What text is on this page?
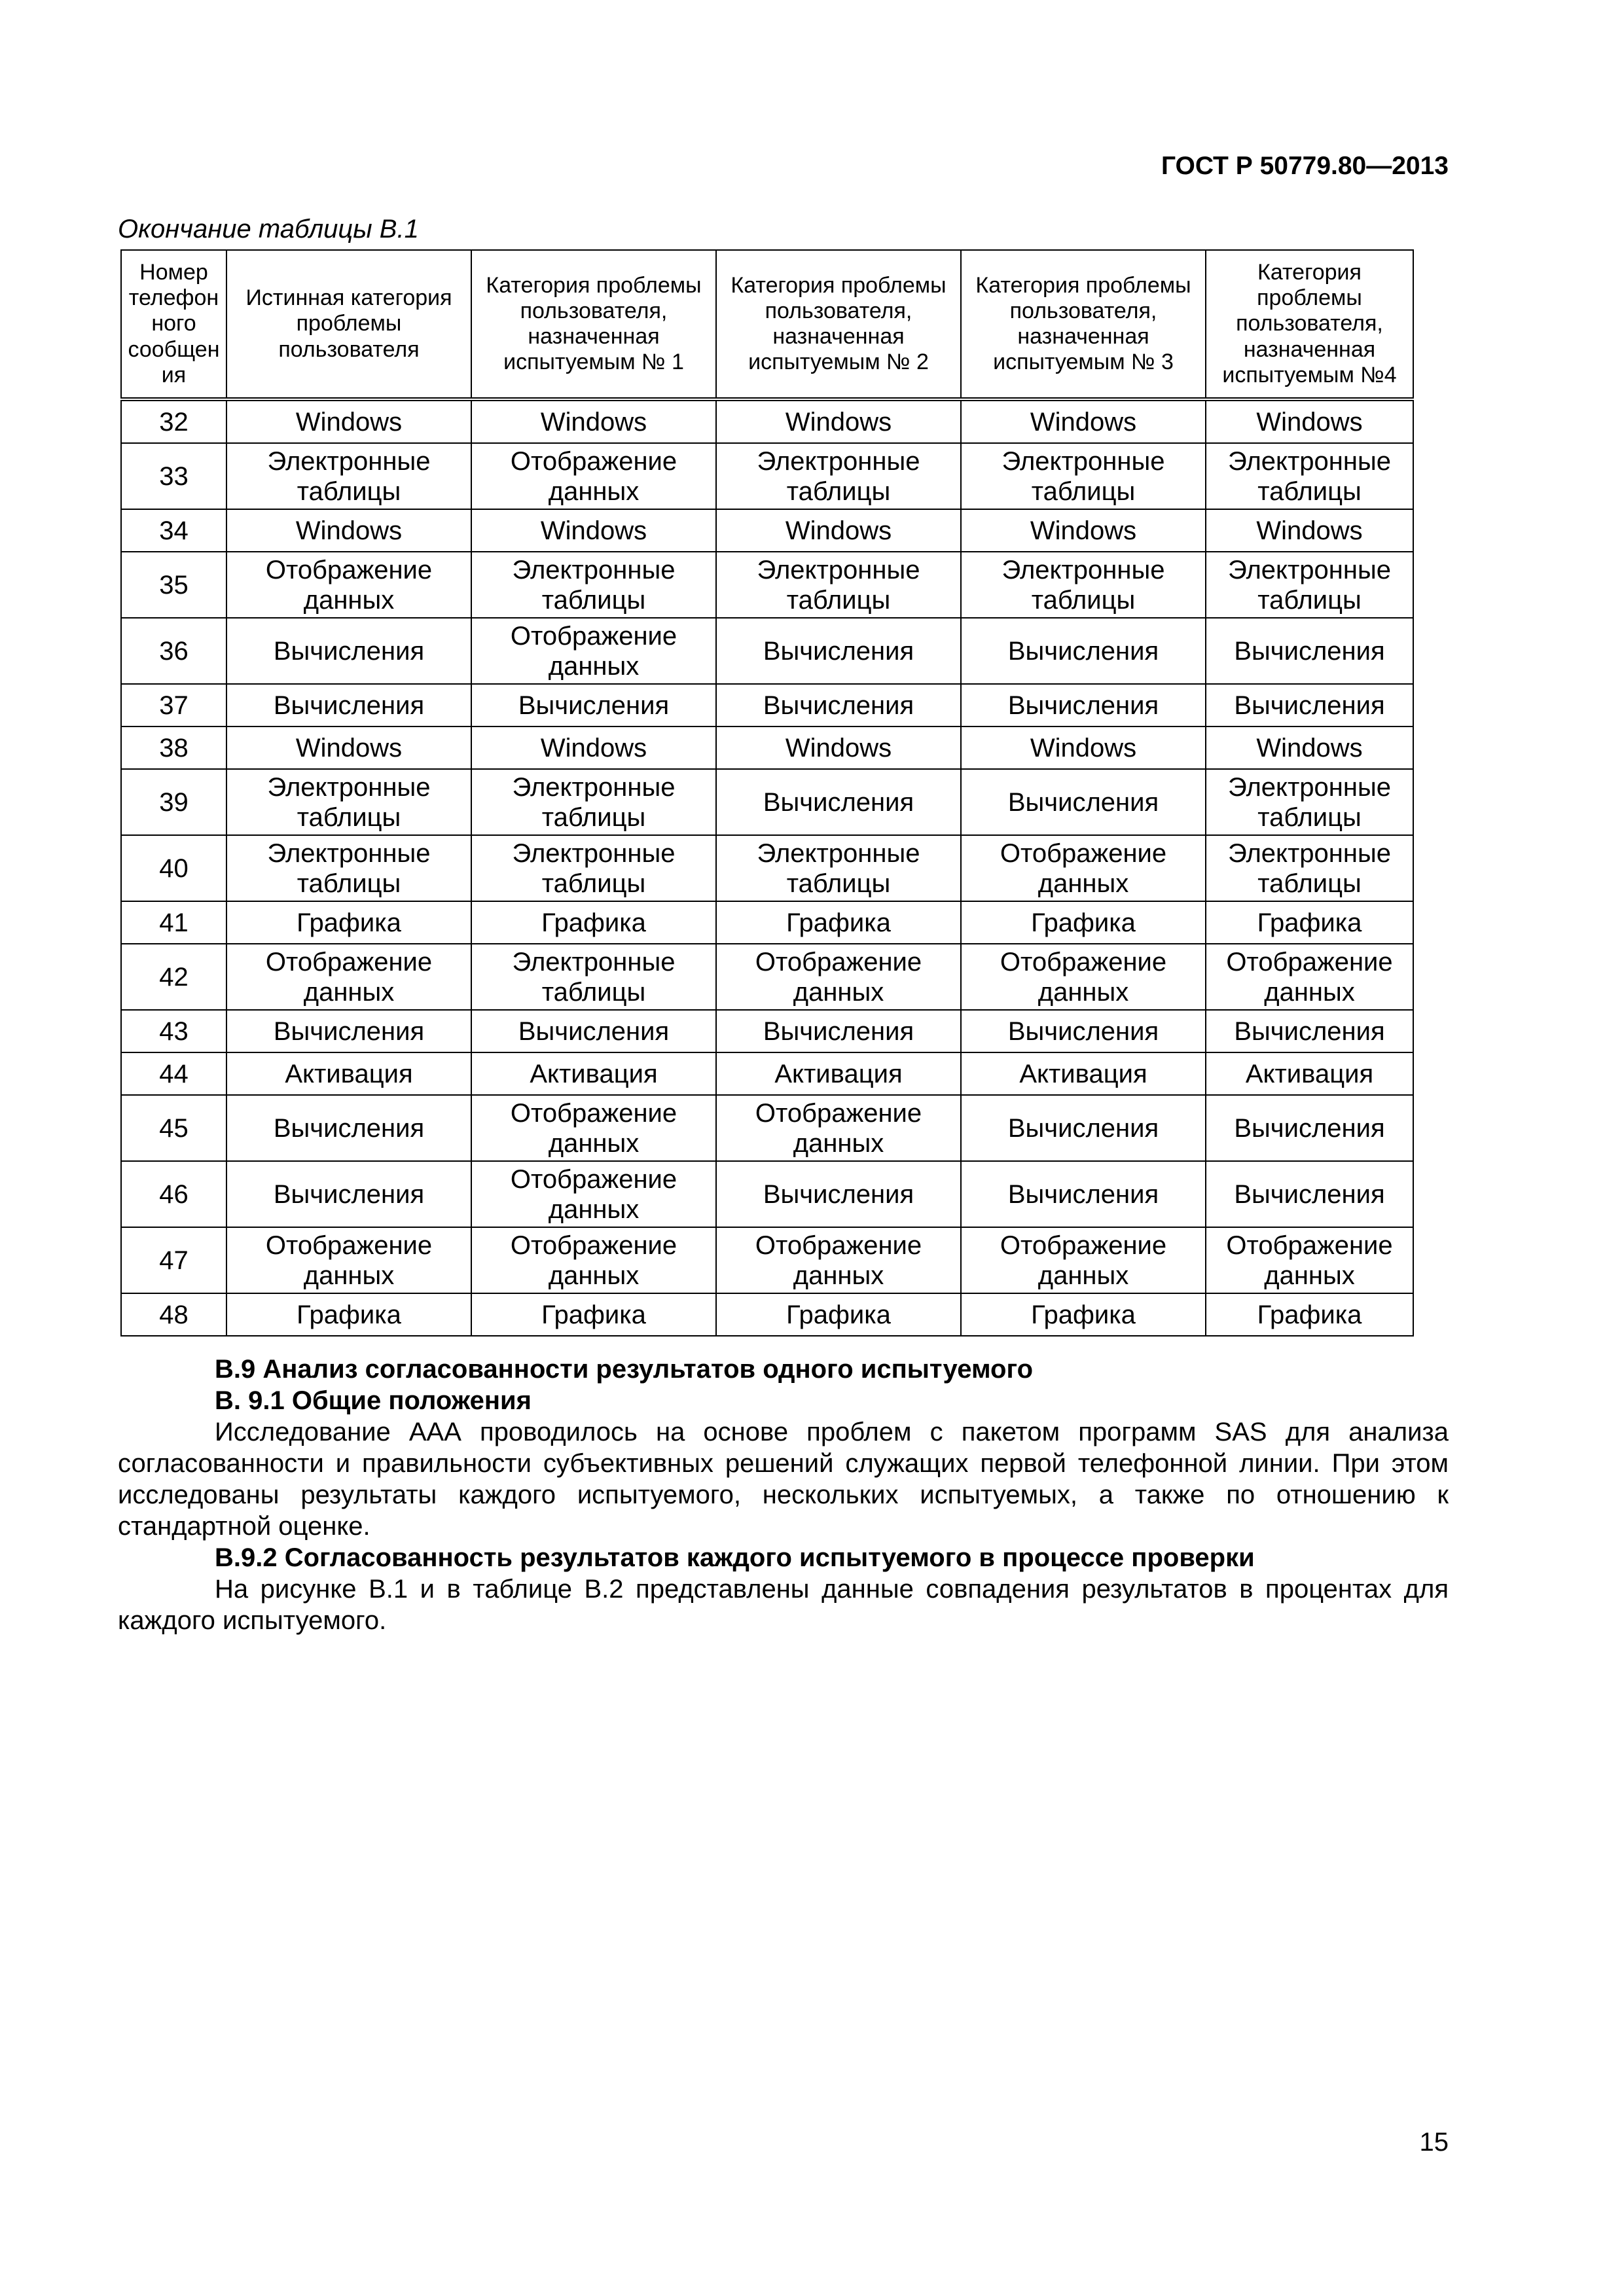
ГОСТ Р 50779.80—2013
Окончание таблицы В.1
Номер телефон ного сообщен ия	Истинная категория проблемы пользователя	Категория проблемы пользователя, назначенная испытуемым № 1	Категория проблемы пользователя, назначенная испытуемым № 2	Категория проблемы пользователя, назначенная испытуемым № 3	Категория проблемы пользователя, назначенная испытуемым №4
32	Windows	Windows	Windows	Windows	Windows
33	Электронные таблицы	Отображение данных	Электронные таблицы	Электронные таблицы	Электронные таблицы
34	Windows	Windows	Windows	Windows	Windows
35	Отображение данных	Электронные таблицы	Электронные таблицы	Электронные таблицы	Электронные таблицы
36	Вычисления	Отображение данных	Вычисления	Вычисления	Вычисления
37	Вычисления	Вычисления	Вычисления	Вычисления	Вычисления
38	Windows	Windows	Windows	Windows	Windows
39	Электронные таблицы	Электронные таблицы	Вычисления	Вычисления	Электронные таблицы
40	Электронные таблицы	Электронные таблицы	Электронные таблицы	Отображение данных	Электронные таблицы
41	Графика	Графика	Графика	Графика	Графика
42	Отображение данных	Электронные таблицы	Отображение данных	Отображение данных	Отображение данных
43	Вычисления	Вычисления	Вычисления	Вычисления	Вычисления
44	Активация	Активация	Активация	Активация	Активация
45	Вычисления	Отображение данных	Отображение данных	Вычисления	Вычисления
46	Вычисления	Отображение данных	Вычисления	Вычисления	Вычисления
47	Отображение данных	Отображение данных	Отображение данных	Отображение данных	Отображение данных
48	Графика	Графика	Графика	Графика	Графика
В.9 Анализ согласованности результатов одного испытуемого
В. 9.1 Общие положения

Исследование ААА проводилось на основе проблем с пакетом программ SAS для анализа согласованности и правильности субъективных решений служащих первой телефонной линии. При этом исследованы результаты каждого испытуемого, нескольких испытуемых, а также по отношению к стандартной оценке.

В.9.2 Согласованность результатов каждого испытуемого в процессе проверки

На рисунке В.1 и в таблице В.2 представлены данные совпадения результатов в процентах для каждого испытуемого.

15
